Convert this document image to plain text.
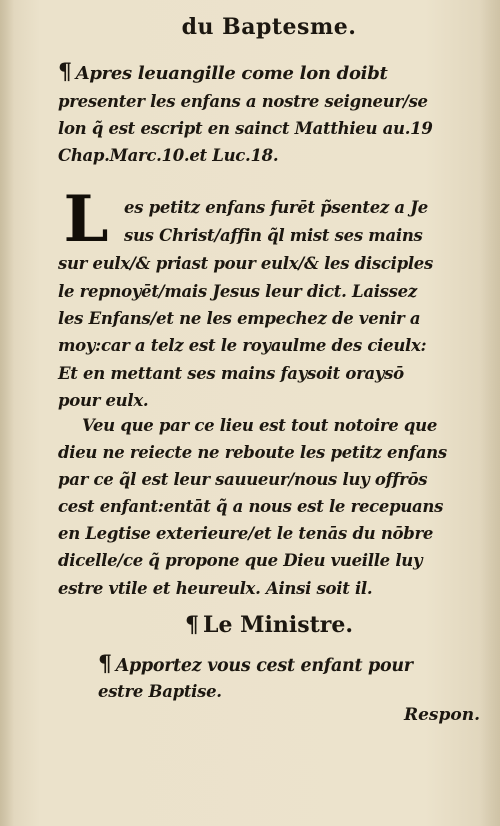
du Baptesme.
¶ Apres leuangille come lon doibt
presenter les enfans a nostre seigneur/se
lon q̃ est escript en sainct Matthieu au.19
Chap.Marc.10.et Luc.18.
L es petitz enfans furēt p̃sentez a Je
sus Christ/affin q̃l mist ses mains
sur eulx/& priast pour eulx/& les disciples
le repnoyēt/mais Jesus leur dict. Laissez
les Enfans/et ne les empechez de venir a
moy:car a telz est le royaulme des cieulx:
Et en mettant ses mains faysoit oraysō
pour eulx.
Veu que par ce lieu est tout notoire que
dieu ne reiecte ne reboute les petitz enfans
par ce q̃l est leur sauueur/nous luy offrōs
cest enfant:entāt q̃ a nous est le recepuans
en Legtise exterieure/et le tenās du nōbre
dicelle/ce q̃ propone que Dieu vueille luy
estre vtile et heureulx. Ainsi soit il.
¶ Le Ministre.
¶ Apportez vous cest enfant pour
estre Baptise.
Respon.
